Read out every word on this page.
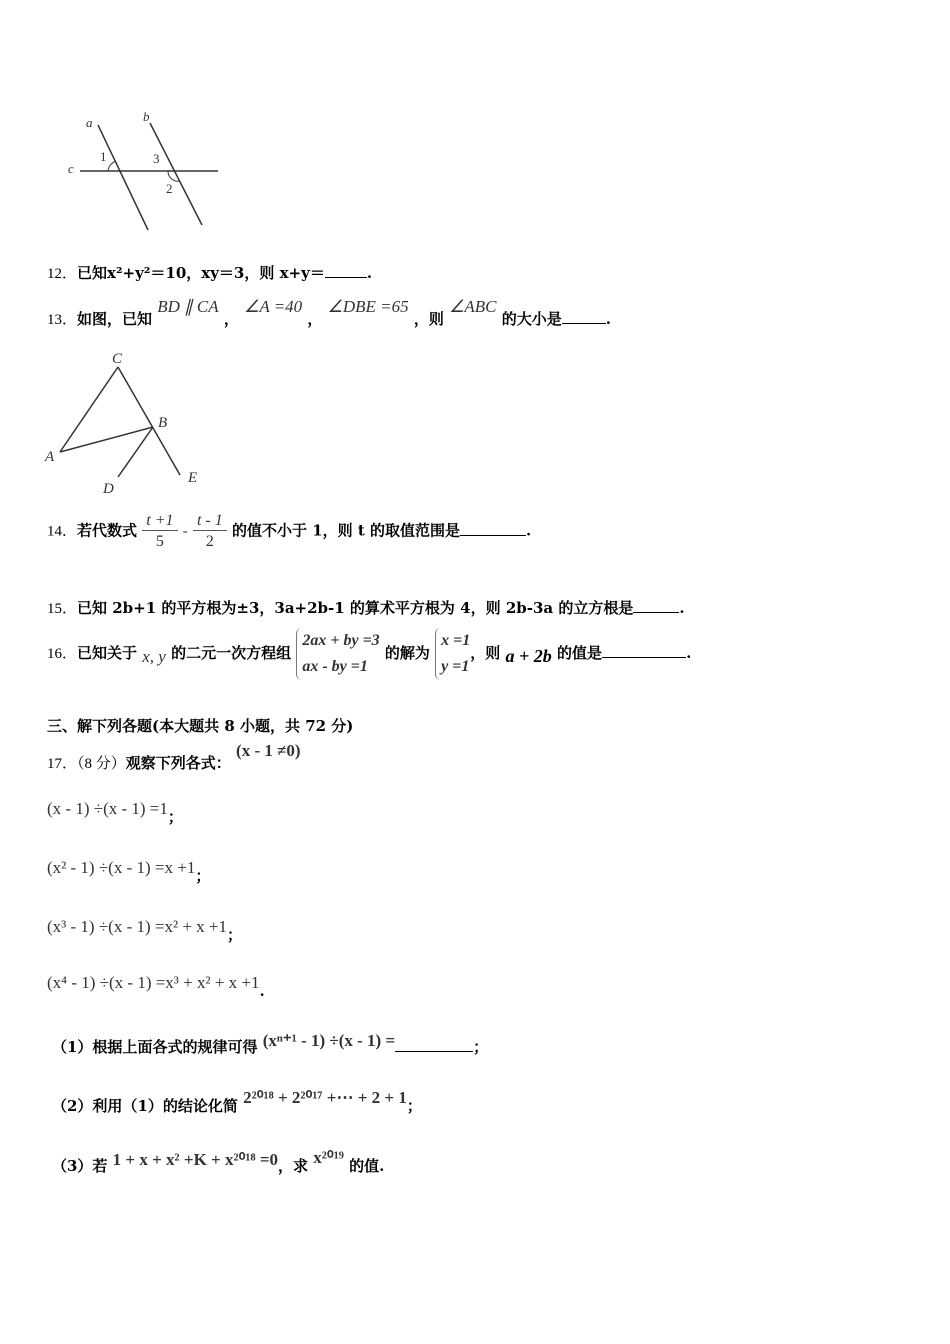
a	b
c
1	3
2
12．已知x²+y²＝10，xy＝3，则 x+y＝	.
13．如图，已知 BD ∥ CA ， ∠A =40 ， ∠DBE =65 ，则 ∠ABC 的大小是	.
C
A
B
D
E
14．若代数式 $\frac{t +1}{5} - \frac{t - 1}{2}$ 的值不小于 1，则 t 的取值范围是	.
15．已知 2b+1 的平方根为±3，3a+2b-1 的算术平方根为 4，则 2b-3a 的立方根是	.
16．已知关于 x, y 的二元一次方程组
2ax + by =3
ax - by =1
的解为
x =1
y =1
，则 a + 2b 的值是	.
三、解下列各题(本大题共 8 小题，共 72 分)
17．（8 分）观察下列各式： (x - 1 ≠0)
(x - 1) ÷(x - 1) =1；
(x² - 1) ÷(x - 1) =x +1；
(x³ - 1) ÷(x - 1) =x² + x +1；
(x⁴ - 1) ÷(x - 1) =x³ + x² + x +1.
（1）根据上面各式的规律可得 (xⁿ⁺¹ - 1) ÷(x - 1) =	；
（2）利用（1）的结论化简 2²⁰¹⁸ + 2²⁰¹⁷ +⋯ + 2 + 1；
（3）若 1 + x + x² +K + x²⁰¹⁸ =0，求 x²⁰¹⁹ 的值.
